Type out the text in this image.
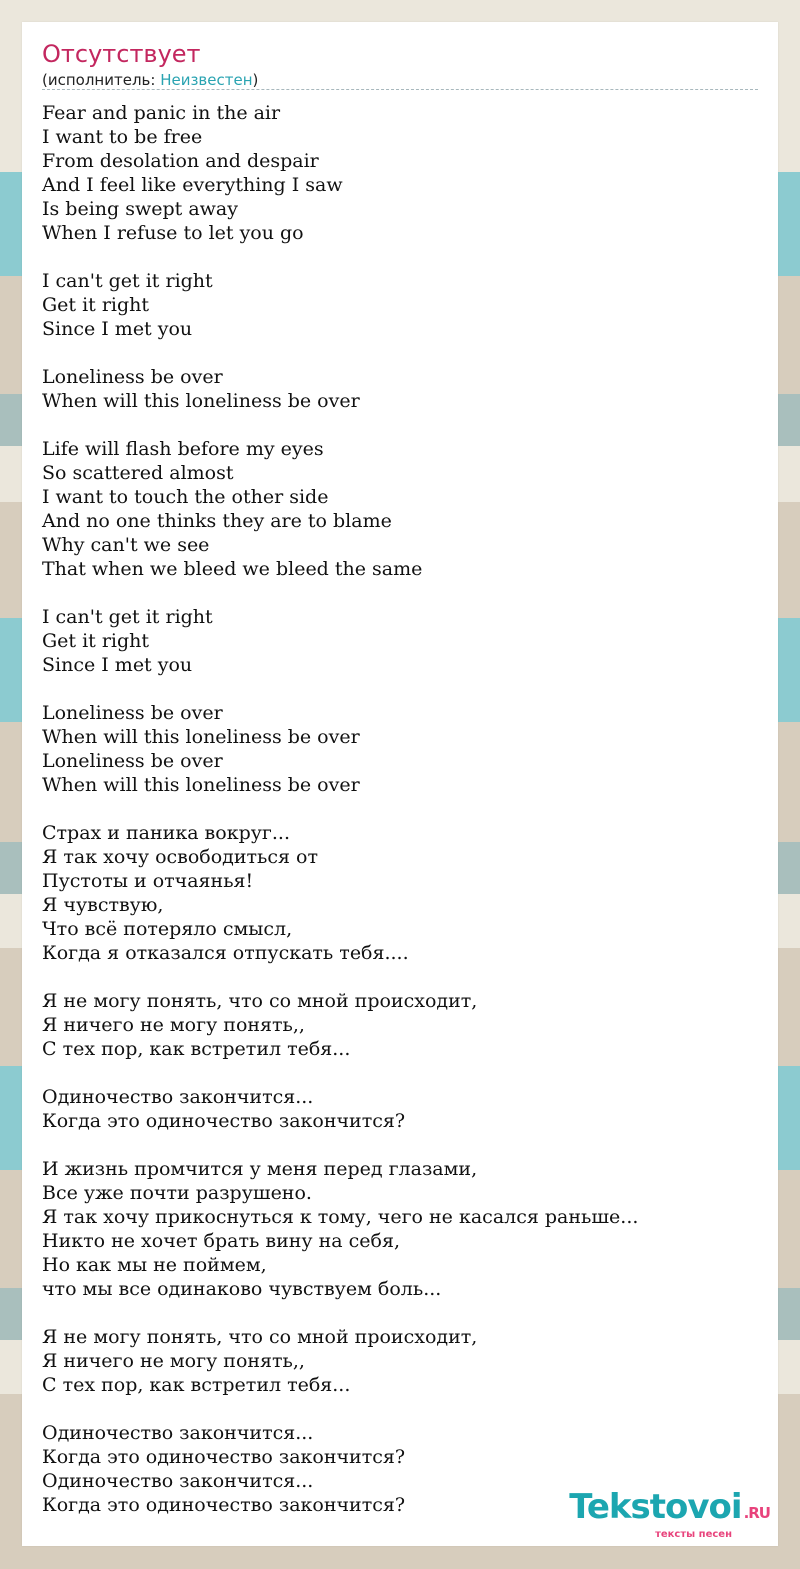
Отсутствует
(исполнитель: Неизвестен)
Fear and panic in the air
I want to be free
From desolation and despair
And I feel like everything I saw
Is being swept away
When I refuse to let you go
I can't get it right
Get it right
Since I met you
Loneliness be over
When will this loneliness be over
Life will flash before my eyes
So scattered almost
I want to touch the other side
And no one thinks they are to blame
Why can't we see
That when we bleed we bleed the same
I can't get it right
Get it right
Since I met you
Loneliness be over
When will this loneliness be over
Loneliness be over
When will this loneliness be over
Страх и паника вокруг...
Я так хочу освободиться от
Пустоты и отчаянья!
Я чувствую,
Что всё потеряло смысл,
Когда я отказался отпускать тебя....
Я не могу понять, что со мной происходит,
Я ничего не могу понять,,
С тех пор, как встретил тебя...
Одиночество закончится...
Когда это одиночество закончится?
И жизнь промчится у меня перед глазами,
Все уже почти разрушено.
Я так хочу прикоснуться к тому, чего не касался раньше...
Никто не хочет брать вину на себя,
Но как мы не поймем,
что мы все одинаково чувствуем боль...
Я не могу понять, что со мной происходит,
Я ничего не могу понять,,
С тех пор, как встретил тебя...
Одиночество закончится...
Когда это одиночество закончится?
Одиночество закончится...
Когда это одиночество закончится?	Tekstovoi .RU
тексты песен
